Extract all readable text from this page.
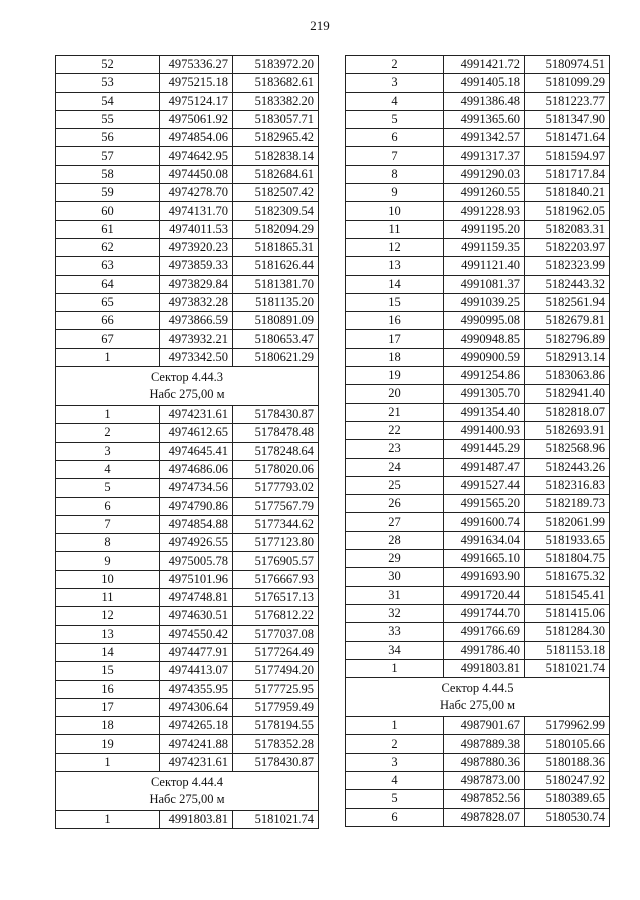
219
52	4975336.27	5183972.20
53	4975215.18	5183682.61
54	4975124.17	5183382.20
55	4975061.92	5183057.71
56	4974854.06	5182965.42
57	4974642.95	5182838.14
58	4974450.08	5182684.61
59	4974278.70	5182507.42
60	4974131.70	5182309.54
61	4974011.53	5182094.29
62	4973920.23	5181865.31
63	4973859.33	5181626.44
64	4973829.84	5181381.70
65	4973832.28	5181135.20
66	4973866.59	5180891.09
67	4973932.21	5180653.47
1	4973342.50	5180621.29

Сектор 4.44.3
Набс 275,00 м		

1	4974231.61	5178430.87
2	4974612.65	5178478.48
3	4974645.41	5178248.64
4	4974686.06	5178020.06
5	4974734.56	5177793.02
6	4974790.86	5177567.79
7	4974854.88	5177344.62
8	4974926.55	5177123.80
9	4975005.78	5176905.57
10	4975101.96	5176667.93
11	4974748.81	5176517.13
12	4974630.51	5176812.22
13	4974550.42	5177037.08
14	4974477.91	5177264.49
15	4974413.07	5177494.20
16	4974355.95	5177725.95
17	4974306.64	5177959.49
18	4974265.18	5178194.55
19	4974241.88	5178352.28
1	4974231.61	5178430.87

Сектор 4.44.4
Набс 275,00 м		

1	4991803.81	5181021.74
2	4991421.72	5180974.51
3	4991405.18	5181099.29
4	4991386.48	5181223.77
5	4991365.60	5181347.90
6	4991342.57	5181471.64
7	4991317.37	5181594.97
8	4991290.03	5181717.84
9	4991260.55	5181840.21
10	4991228.93	5181962.05
11	4991195.20	5182083.31
12	4991159.35	5182203.97
13	4991121.40	5182323.99
14	4991081.37	5182443.32
15	4991039.25	5182561.94
16	4990995.08	5182679.81
17	4990948.85	5182796.89
18	4990900.59	5182913.14
19	4991254.86	5183063.86
20	4991305.70	5182941.40
21	4991354.40	5182818.07
22	4991400.93	5182693.91
23	4991445.29	5182568.96
24	4991487.47	5182443.26
25	4991527.44	5182316.83
26	4991565.20	5182189.73
27	4991600.74	5182061.99
28	4991634.04	5181933.65
29	4991665.10	5181804.75
30	4991693.90	5181675.32
31	4991720.44	5181545.41
32	4991744.70	5181415.06
33	4991766.69	5181284.30
34	4991786.40	5181153.18
1	4991803.81	5181021.74

Сектор 4.44.5
Набс 275,00 м		

1	4987901.67	5179962.99
2	4987889.38	5180105.66
3	4987880.36	5180188.36
4	4987873.00	5180247.92
5	4987852.56	5180389.65
6	4987828.07	5180530.74
